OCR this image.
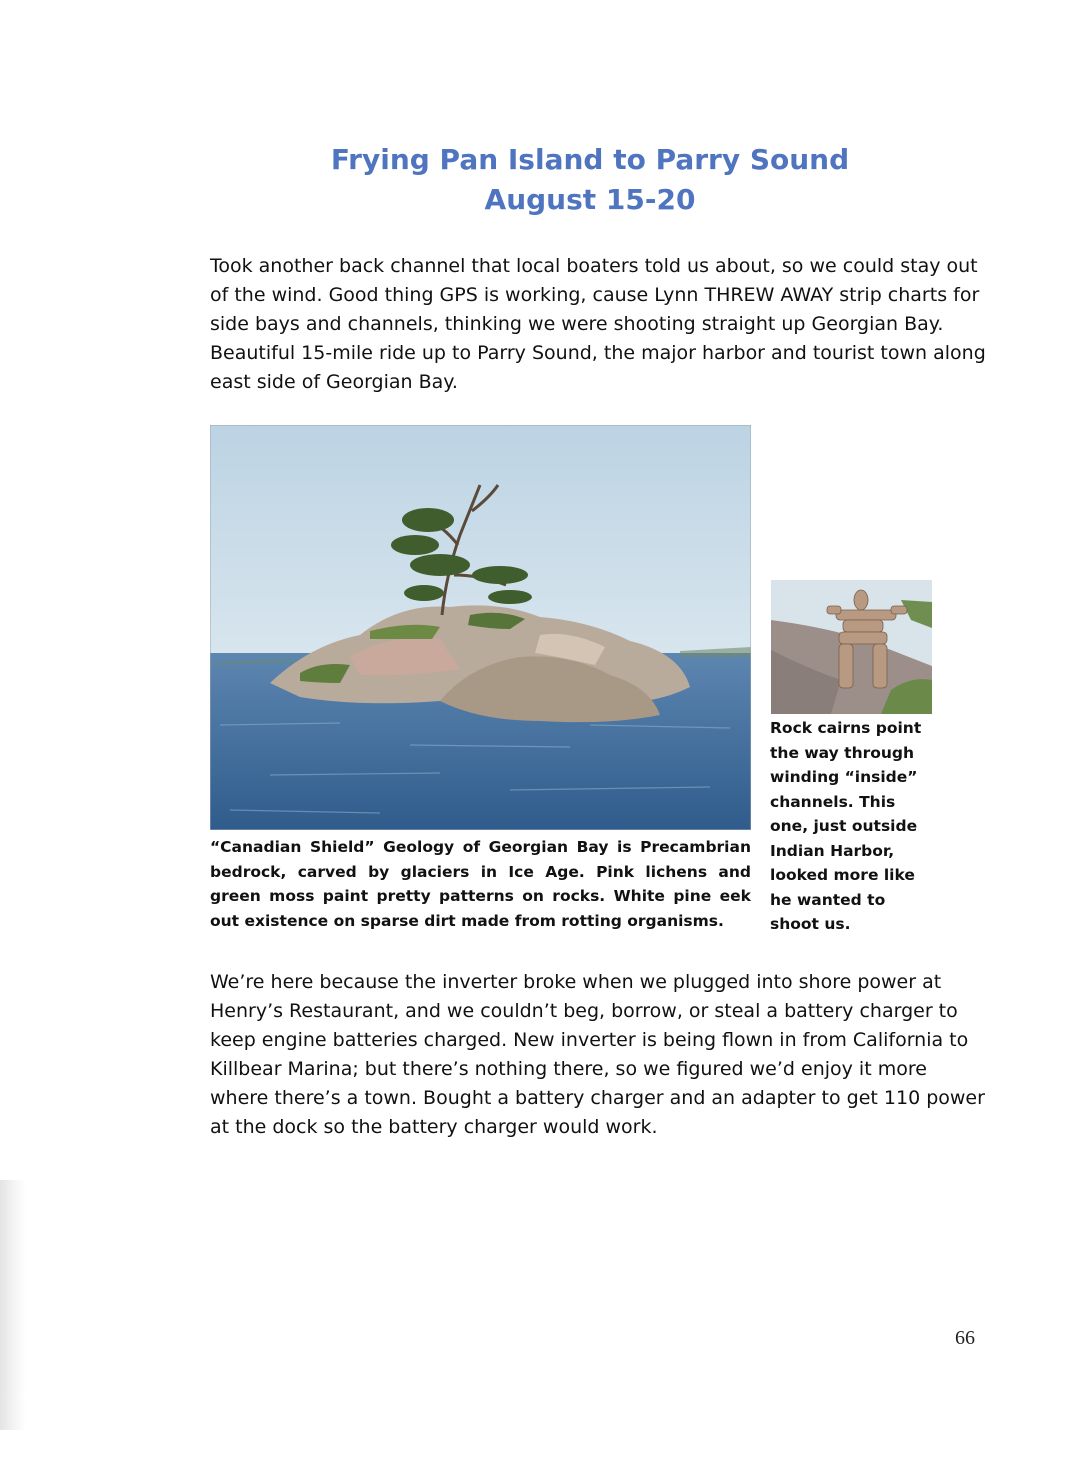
Frying Pan Island to Parry Sound
August 15-20

Took another back channel that local boaters told us about, so we could stay out of the wind. Good thing GPS is working, cause Lynn THREW AWAY strip charts for side bays and channels, thinking we were shooting straight up Georgian Bay. Beautiful 15-mile ride up to Parry Sound, the major harbor and tourist town along east side of Georgian Bay.

“Canadian Shield” Geology of Georgian Bay is Precambrian bedrock, carved by glaciers in Ice Age. Pink lichens and green moss paint pretty patterns on rocks. White pine eek out existence on sparse dirt made from rotting organisms.

Rock cairns point the way through winding “inside” channels. This one, just outside Indian Harbor, looked more like he wanted to shoot us.

We’re here because the inverter broke when we plugged into shore power at Henry’s Restaurant, and we couldn’t beg, borrow, or steal a battery charger to keep engine batteries charged. New inverter is being flown in from California to Killbear Marina; but there’s nothing there, so we figured we’d enjoy it more where there’s a town. Bought a battery charger and an adapter to get 110 power at the dock so the battery charger would work.

66
